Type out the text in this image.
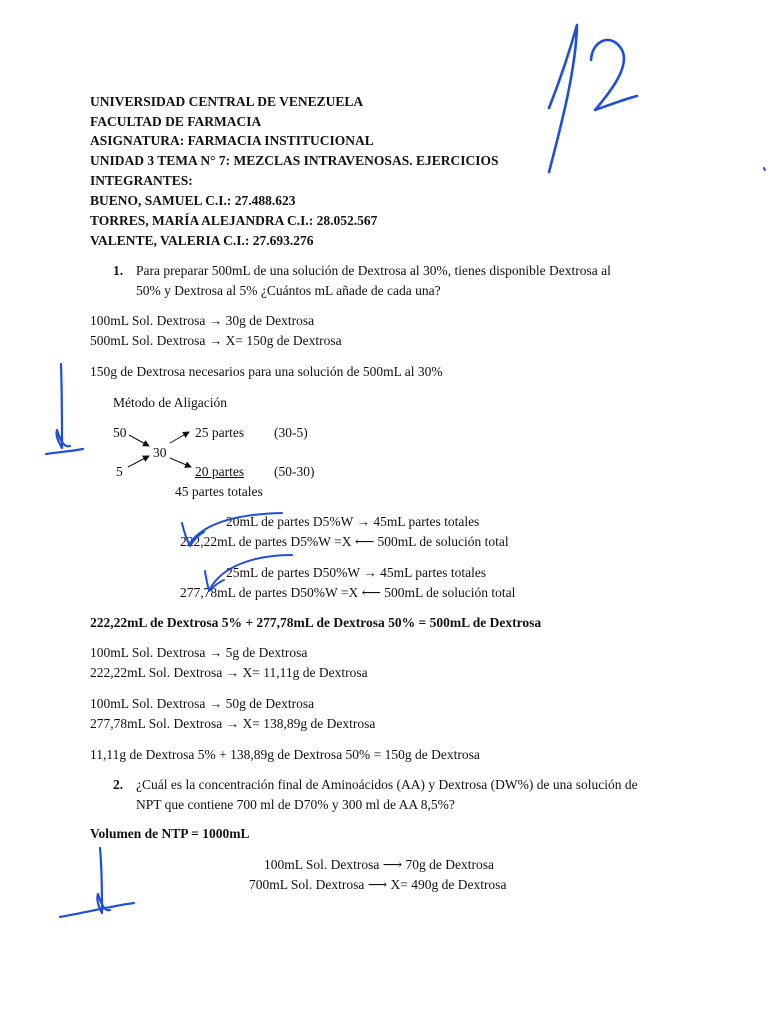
UNIVERSIDAD CENTRAL DE VENEZUELA
FACULTAD DE FARMACIA
ASIGNATURA: FARMACIA INSTITUCIONAL
UNIDAD 3 TEMA N° 7: MEZCLAS INTRAVENOSAS. EJERCICIOS
INTEGRANTES:
BUENO, SAMUEL C.I.: 27.488.623
TORRES, MARÍA ALEJANDRA C.I.: 28.052.567
VALENTE, VALERIA C.I.: 27.693.276
1. Para preparar 500mL de una solución de Dextrosa al 30%, tienes disponible Dextrosa al
50% y Dextrosa al 5% ¿Cuántos mL añade de cada una?
100mL Sol. Dextrosa → 30g de Dextrosa
500mL Sol. Dextrosa → X= 150g de Dextrosa
150g de Dextrosa necesarios para una solución de 500mL al 30%
Método de Aligación
50
5
30
25 partes (30-5)
20 partes (50-30)
45 partes totales
20mL de partes D5%W → 45mL partes totales
222,22mL de partes D5%W =X ⟵ 500mL de solución total
25mL de partes D50%W → 45mL partes totales
277,78mL de partes D50%W =X ⟵ 500mL de solución total
222,22mL de Dextrosa 5% + 277,78mL de Dextrosa 50% = 500mL de Dextrosa
100mL Sol. Dextrosa → 5g de Dextrosa
222,22mL Sol. Dextrosa → X= 11,11g de Dextrosa
100mL Sol. Dextrosa → 50g de Dextrosa
277,78mL Sol. Dextrosa → X= 138,89g de Dextrosa
11,11g de Dextrosa 5% + 138,89g de Dextrosa 50% = 150g de Dextrosa
2. ¿Cuál es la concentración final de Aminoácidos (AA) y Dextrosa (DW%) de una solución de
NPT que contiene 700 ml de D70% y 300 ml de AA 8,5%?
Volumen de NTP = 1000mL
100mL Sol. Dextrosa ⟶ 70g de Dextrosa
700mL Sol. Dextrosa ⟶ X= 490g de Dextrosa
